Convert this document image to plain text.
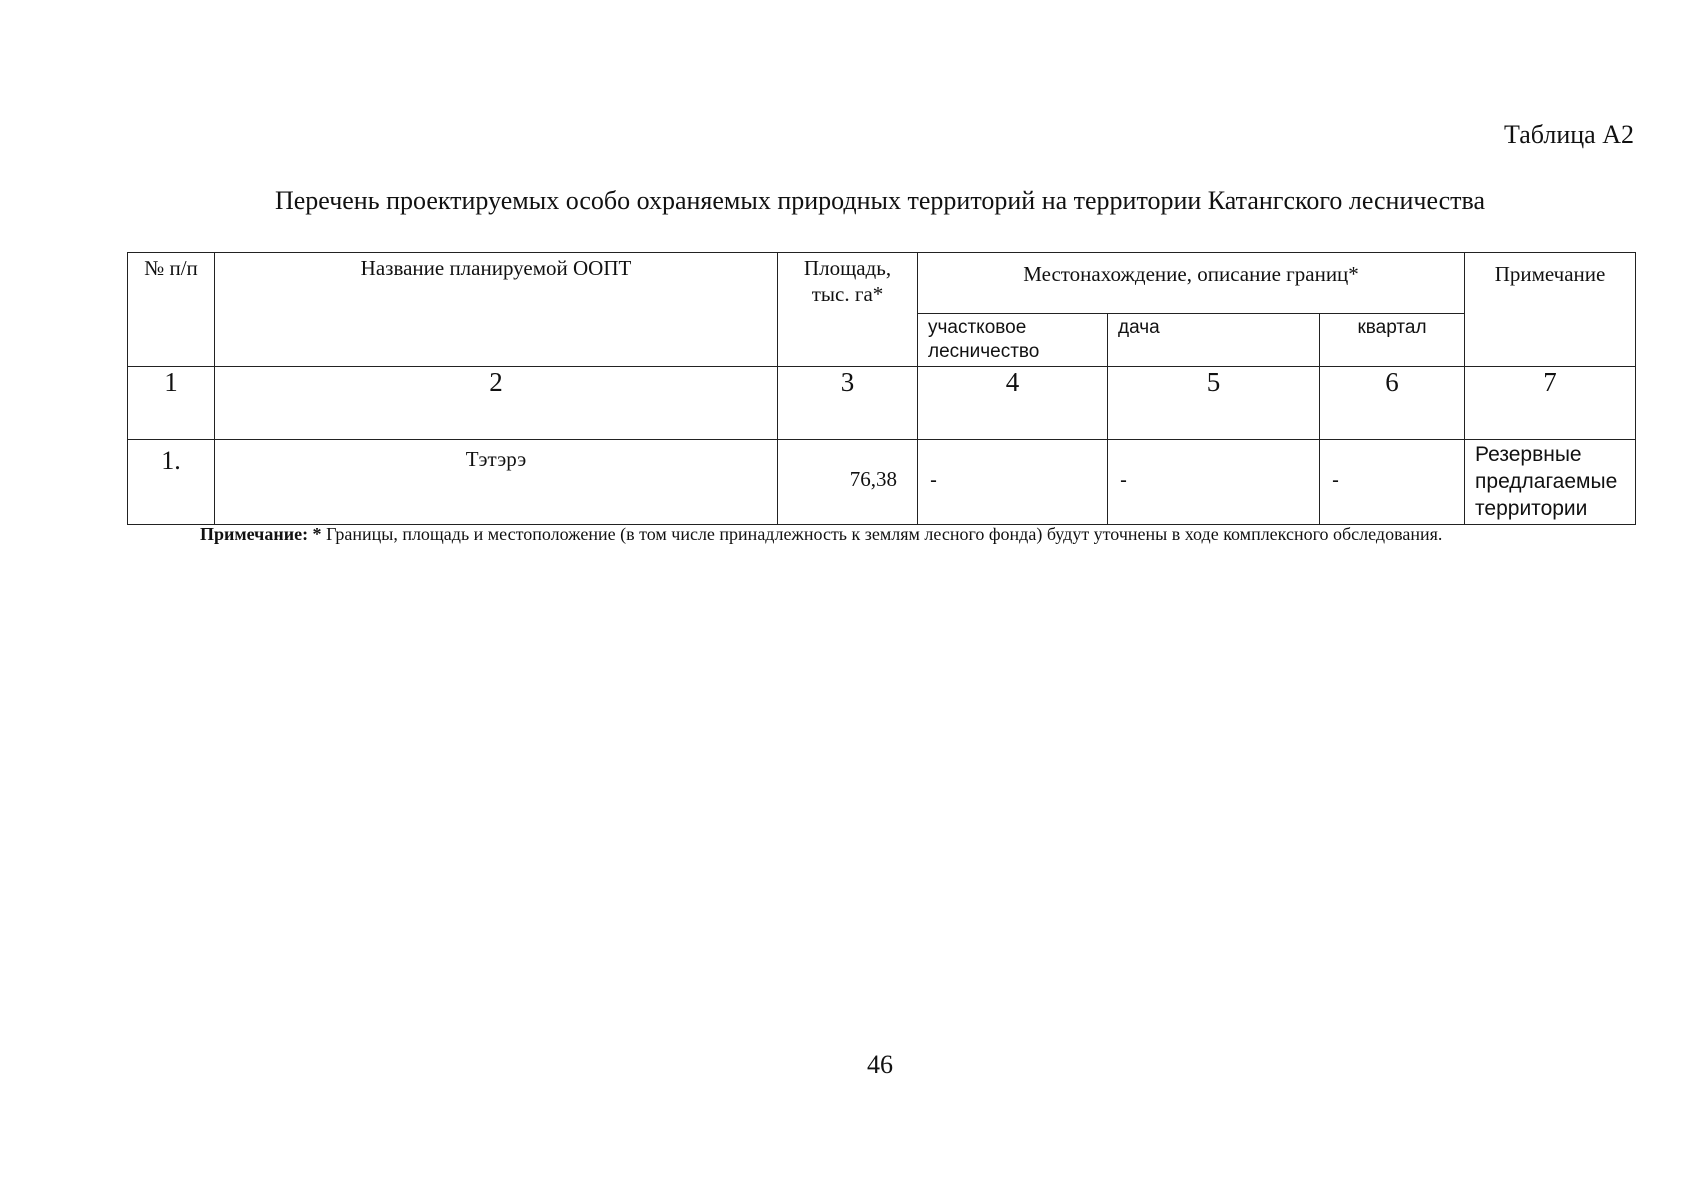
Таблица А2
Перечень проектируемых особо охраняемых природных территорий на территории Катангского лесничества
№ п/п	Название планируемой ООПТ	Площадь, тыс. га*	Местонахождение, описание границ*			Примечание
			участковое лесничество	дача	квартал	
1	2	3	4	5	6	7
1.	Тэтэрэ	76,38	-	-	-	Резервные предлагаемые территории
Примечание: * Границы, площадь и местоположение (в том числе принадлежность к землям лесного фонда) будут уточнены в ходе комплексного обследования.
46
